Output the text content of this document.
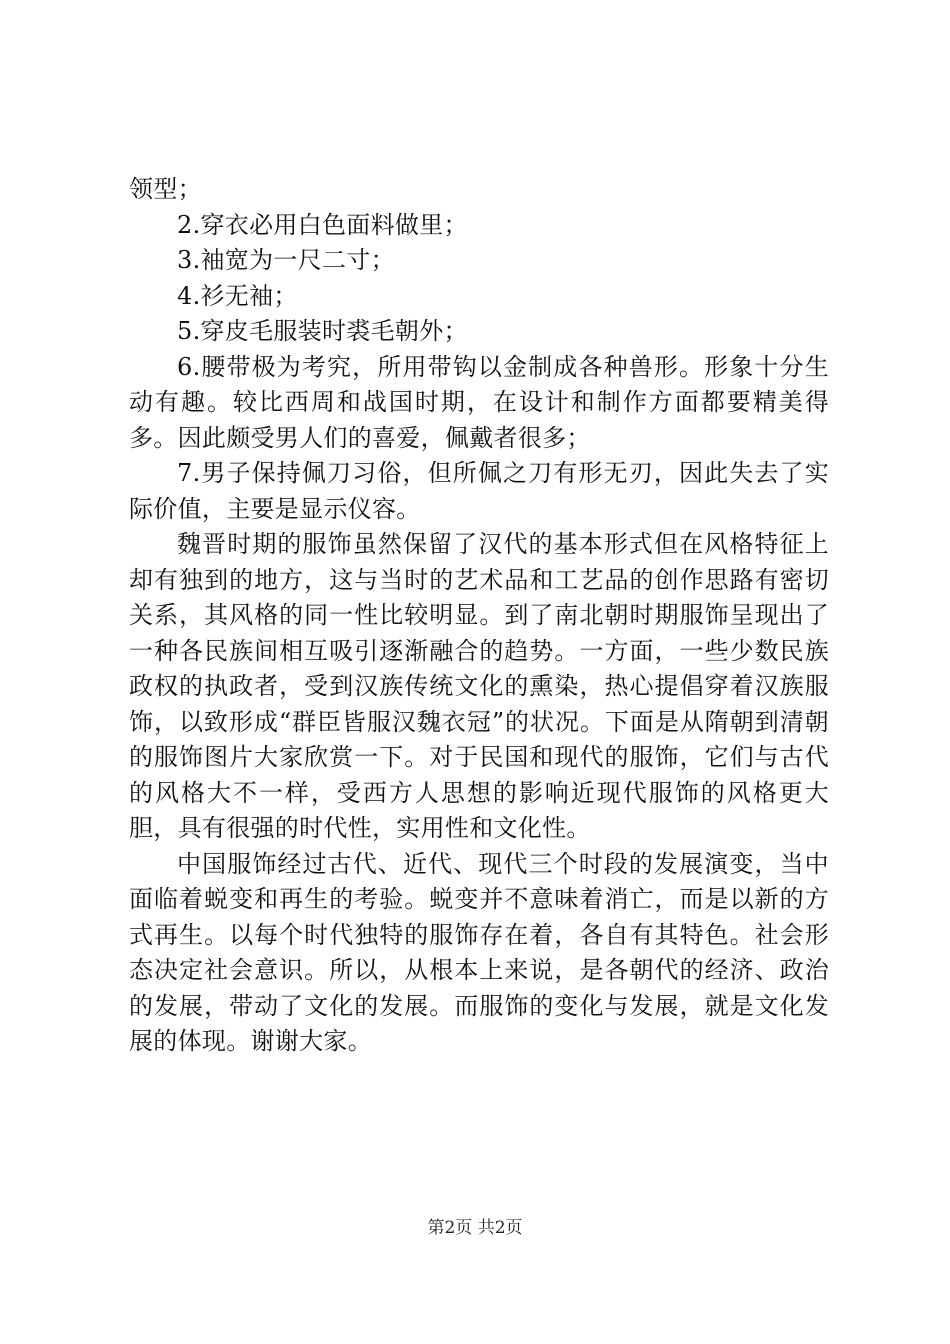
领型；

2.穿衣必用白色面料做里；

3.袖宽为一尺二寸；

4.衫无袖；

5.穿皮毛服装时裘毛朝外；

6.腰带极为考究，所用带钩以金制成各种兽形。形象十分生动有趣。较比西周和战国时期，在设计和制作方面都要精美得多。因此颇受男人们的喜爱，佩戴者很多；

7.男子保持佩刀习俗，但所佩之刀有形无刃，因此失去了实际价值，主要是显示仪容。

魏晋时期的服饰虽然保留了汉代的基本形式但在风格特征上却有独到的地方，这与当时的艺术品和工艺品的创作思路有密切关系，其风格的同一性比较明显。到了南北朝时期服饰呈现出了一种各民族间相互吸引逐渐融合的趋势。一方面，一些少数民族政权的执政者，受到汉族传统文化的熏染，热心提倡穿着汉族服饰，以致形成“群臣皆服汉魏衣冠”的状况。下面是从隋朝到清朝的服饰图片大家欣赏一下。对于民国和现代的服饰，它们与古代的风格大不一样，受西方人思想的影响近现代服饰的风格更大胆，具有很强的时代性，实用性和文化性。

中国服饰经过古代、近代、现代三个时段的发展演变，当中面临着蜕变和再生的考验。蜕变并不意味着消亡，而是以新的方式再生。以每个时代独特的服饰存在着，各自有其特色。社会形态决定社会意识。所以，从根本上来说，是各朝代的经济、政治的发展，带动了文化的发展。而服饰的变化与发展，就是文化发展的体现。谢谢大家。

第2页 共2页
